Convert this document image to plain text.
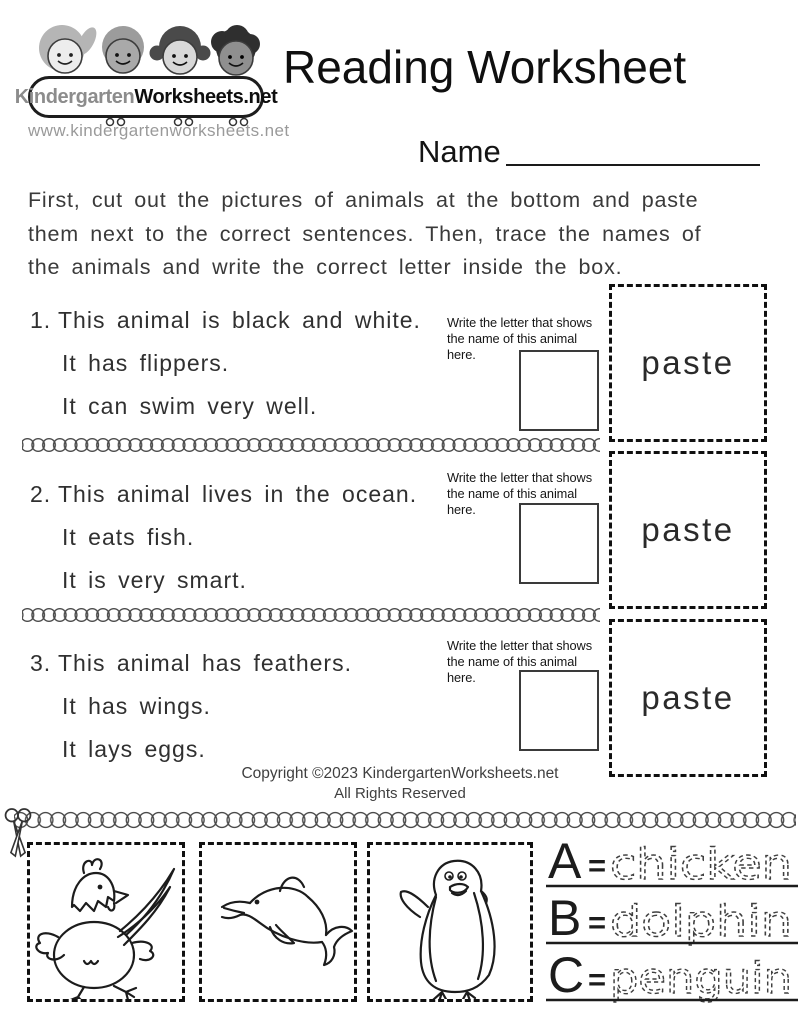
Kindergarten Worksheets.net
www.kindergartenworksheets.net
Reading Worksheet
Name
First, cut out the pictures of animals at the bottom and paste
them next to the correct sentences. Then, trace the names of
the animals and write the correct letter inside the box.
1. This animal is black and white.
It has flippers.
It can swim very well.
Write the letter that shows
the name of this animal here.	paste
2. This animal lives in the ocean.
It eats fish.
It is very smart.
Write the letter that shows
the name of this animal here.
paste
3. This animal has feathers.
It has wings.
It lays eggs.
Write the letter that shows
the name of this animal here.
paste
Copyright ©2023 KindergartenWorksheets.net
All Rights Reserved
A = chicken
B = dolphin
C = penguin
